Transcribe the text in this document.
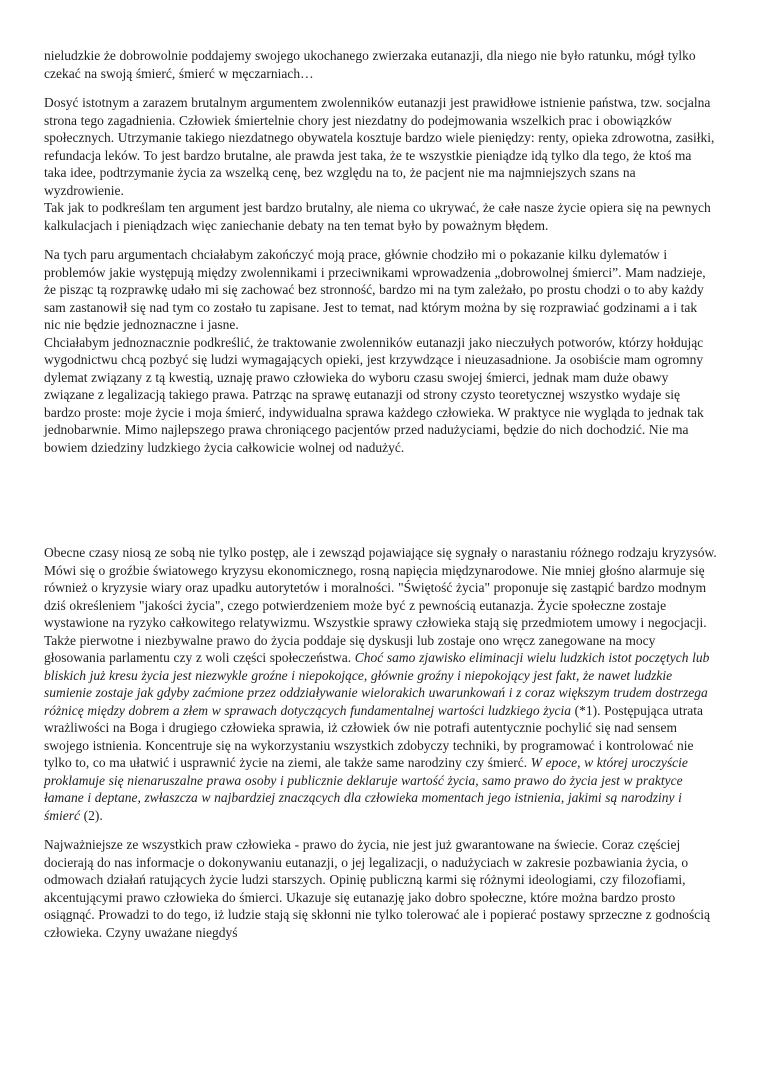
nieludzkie że dobrowolnie poddajemy swojego ukochanego zwierzaka eutanazji, dla niego nie było ratunku, mógł tylko czekać na swoją śmierć, śmierć w męczarniach…

Dosyć istotnym a zarazem brutalnym argumentem zwolenników eutanazji jest prawidłowe istnienie państwa, tzw. socjalna strona tego zagadnienia. Człowiek śmiertelnie chory jest niezdatny do podejmowania wszelkich prac i obowiązków społecznych. Utrzymanie takiego niezdatnego obywatela kosztuje bardzo wiele pieniędzy: renty, opieka zdrowotna, zasiłki, refundacja leków. To jest bardzo brutalne, ale prawda jest taka, że te wszystkie pieniądze idą tylko dla tego, że ktoś ma taka idee, podtrzymanie życia za wszelką cenę, bez względu na to, że pacjent nie ma najmniejszych szans na wyzdrowienie.

Tak jak to podkreślam ten argument jest bardzo brutalny, ale niema co ukrywać, że całe nasze życie opiera się na pewnych kalkulacjach i pieniądzach więc zaniechanie debaty na ten temat było by poważnym błędem.

Na tych paru argumentach chciałabym zakończyć moją prace, głównie chodziło mi o pokazanie kilku dylematów i problemów jakie występują między zwolennikami i przeciwnikami wprowadzenia „dobrowolnej śmierci”. Mam nadzieje, że pisząc tą rozprawkę udało mi się zachować bez stronność, bardzo mi na tym zależało, po prostu chodzi o to aby każdy sam zastanowił się nad tym co zostało tu zapisane. Jest to temat, nad którym można by się rozprawiać godzinami a i tak nic nie będzie jednoznaczne i jasne.

Chciałabym jednoznacznie podkreślić, że traktowanie zwolenników eutanazji jako nieczułych potworów, którzy hołdując wygodnictwu chcą pozbyć się ludzi wymagających opieki, jest krzywdzące i nieuzasadnione. Ja osobiście mam ogromny dylemat związany z tą kwestią, uznaję prawo człowieka do wyboru czasu swojej śmierci, jednak mam duże obawy związane z legalizacją takiego prawa. Patrząc na sprawę eutanazji od strony czysto teoretycznej wszystko wydaje się bardzo proste: moje życie i moja śmierć, indywidualna sprawa każdego człowieka. W praktyce nie wygląda to jednak tak jednobarwnie. Mimo najlepszego prawa chroniącego pacjentów przed nadużyciami, będzie do nich dochodzić. Nie ma bowiem dziedziny ludzkiego życia całkowicie wolnej od nadużyć.

Obecne czasy niosą ze sobą nie tylko postęp, ale i zewsząd pojawiające się sygnały o narastaniu różnego rodzaju kryzysów. Mówi się o groźbie światowego kryzysu ekonomicznego, rosną napięcia międzynarodowe. Nie mniej głośno alarmuje się również o kryzysie wiary oraz upadku autorytetów i moralności. "Świętość życia" proponuje się zastąpić bardzo modnym dziś określeniem "jakości życia", czego potwierdzeniem może być z pewnością eutanazja. Życie społeczne zostaje wystawione na ryzyko całkowitego relatywizmu. Wszystkie sprawy człowieka stają się przedmiotem umowy i negocjacji. Także pierwotne i niezbywalne prawo do życia poddaje się dyskusji lub zostaje ono wręcz zanegowane na mocy głosowania parlamentu czy z woli części społeczeństwa. Choć samo zjawisko eliminacji wielu ludzkich istot poczętych lub bliskich już kresu życia jest niezwykle groźne i niepokojące, głównie groźny i niepokojący jest fakt, że nawet ludzkie sumienie zostaje jak gdyby zaćmione przez oddziaływanie wielorakich uwarunkowań i z coraz większym trudem dostrzega różnicę między dobrem a złem w sprawach dotyczących fundamentalnej wartości ludzkiego życia (*1). Postępująca utrata wrażliwości na Boga i drugiego człowieka sprawia, iż człowiek ów nie potrafi autentycznie pochylić się nad sensem swojego istnienia. Koncentruje się na wykorzystaniu wszystkich zdobyczy techniki, by programować i kontrolować nie tylko to, co ma ułatwić i usprawnić życie na ziemi, ale także same narodziny czy śmierć. W epoce, w której uroczyście proklamuje się nienaruszalne prawa osoby i publicznie deklaruje wartość życia, samo prawo do życia jest w praktyce łamane i deptane, zwłaszcza w najbardziej znaczących dla człowieka momentach jego istnienia, jakimi są narodziny i śmierć (2).

Najważniejsze ze wszystkich praw człowieka - prawo do życia, nie jest już gwarantowane na świecie. Coraz częściej docierają do nas informacje o dokonywaniu eutanazji, o jej legalizacji, o nadużyciach w zakresie pozbawiania życia, o odmowach działań ratujących życie ludzi starszych. Opinię publiczną karmi się różnymi ideologiami, czy filozofiami, akcentującymi prawo człowieka do śmierci. Ukazuje się eutanazję jako dobro społeczne, które można bardzo prosto osiągnąć. Prowadzi to do tego, iż ludzie stają się skłonni nie tylko tolerować ale i popierać postawy sprzeczne z godnością człowieka. Czyny uważane niegdyś
